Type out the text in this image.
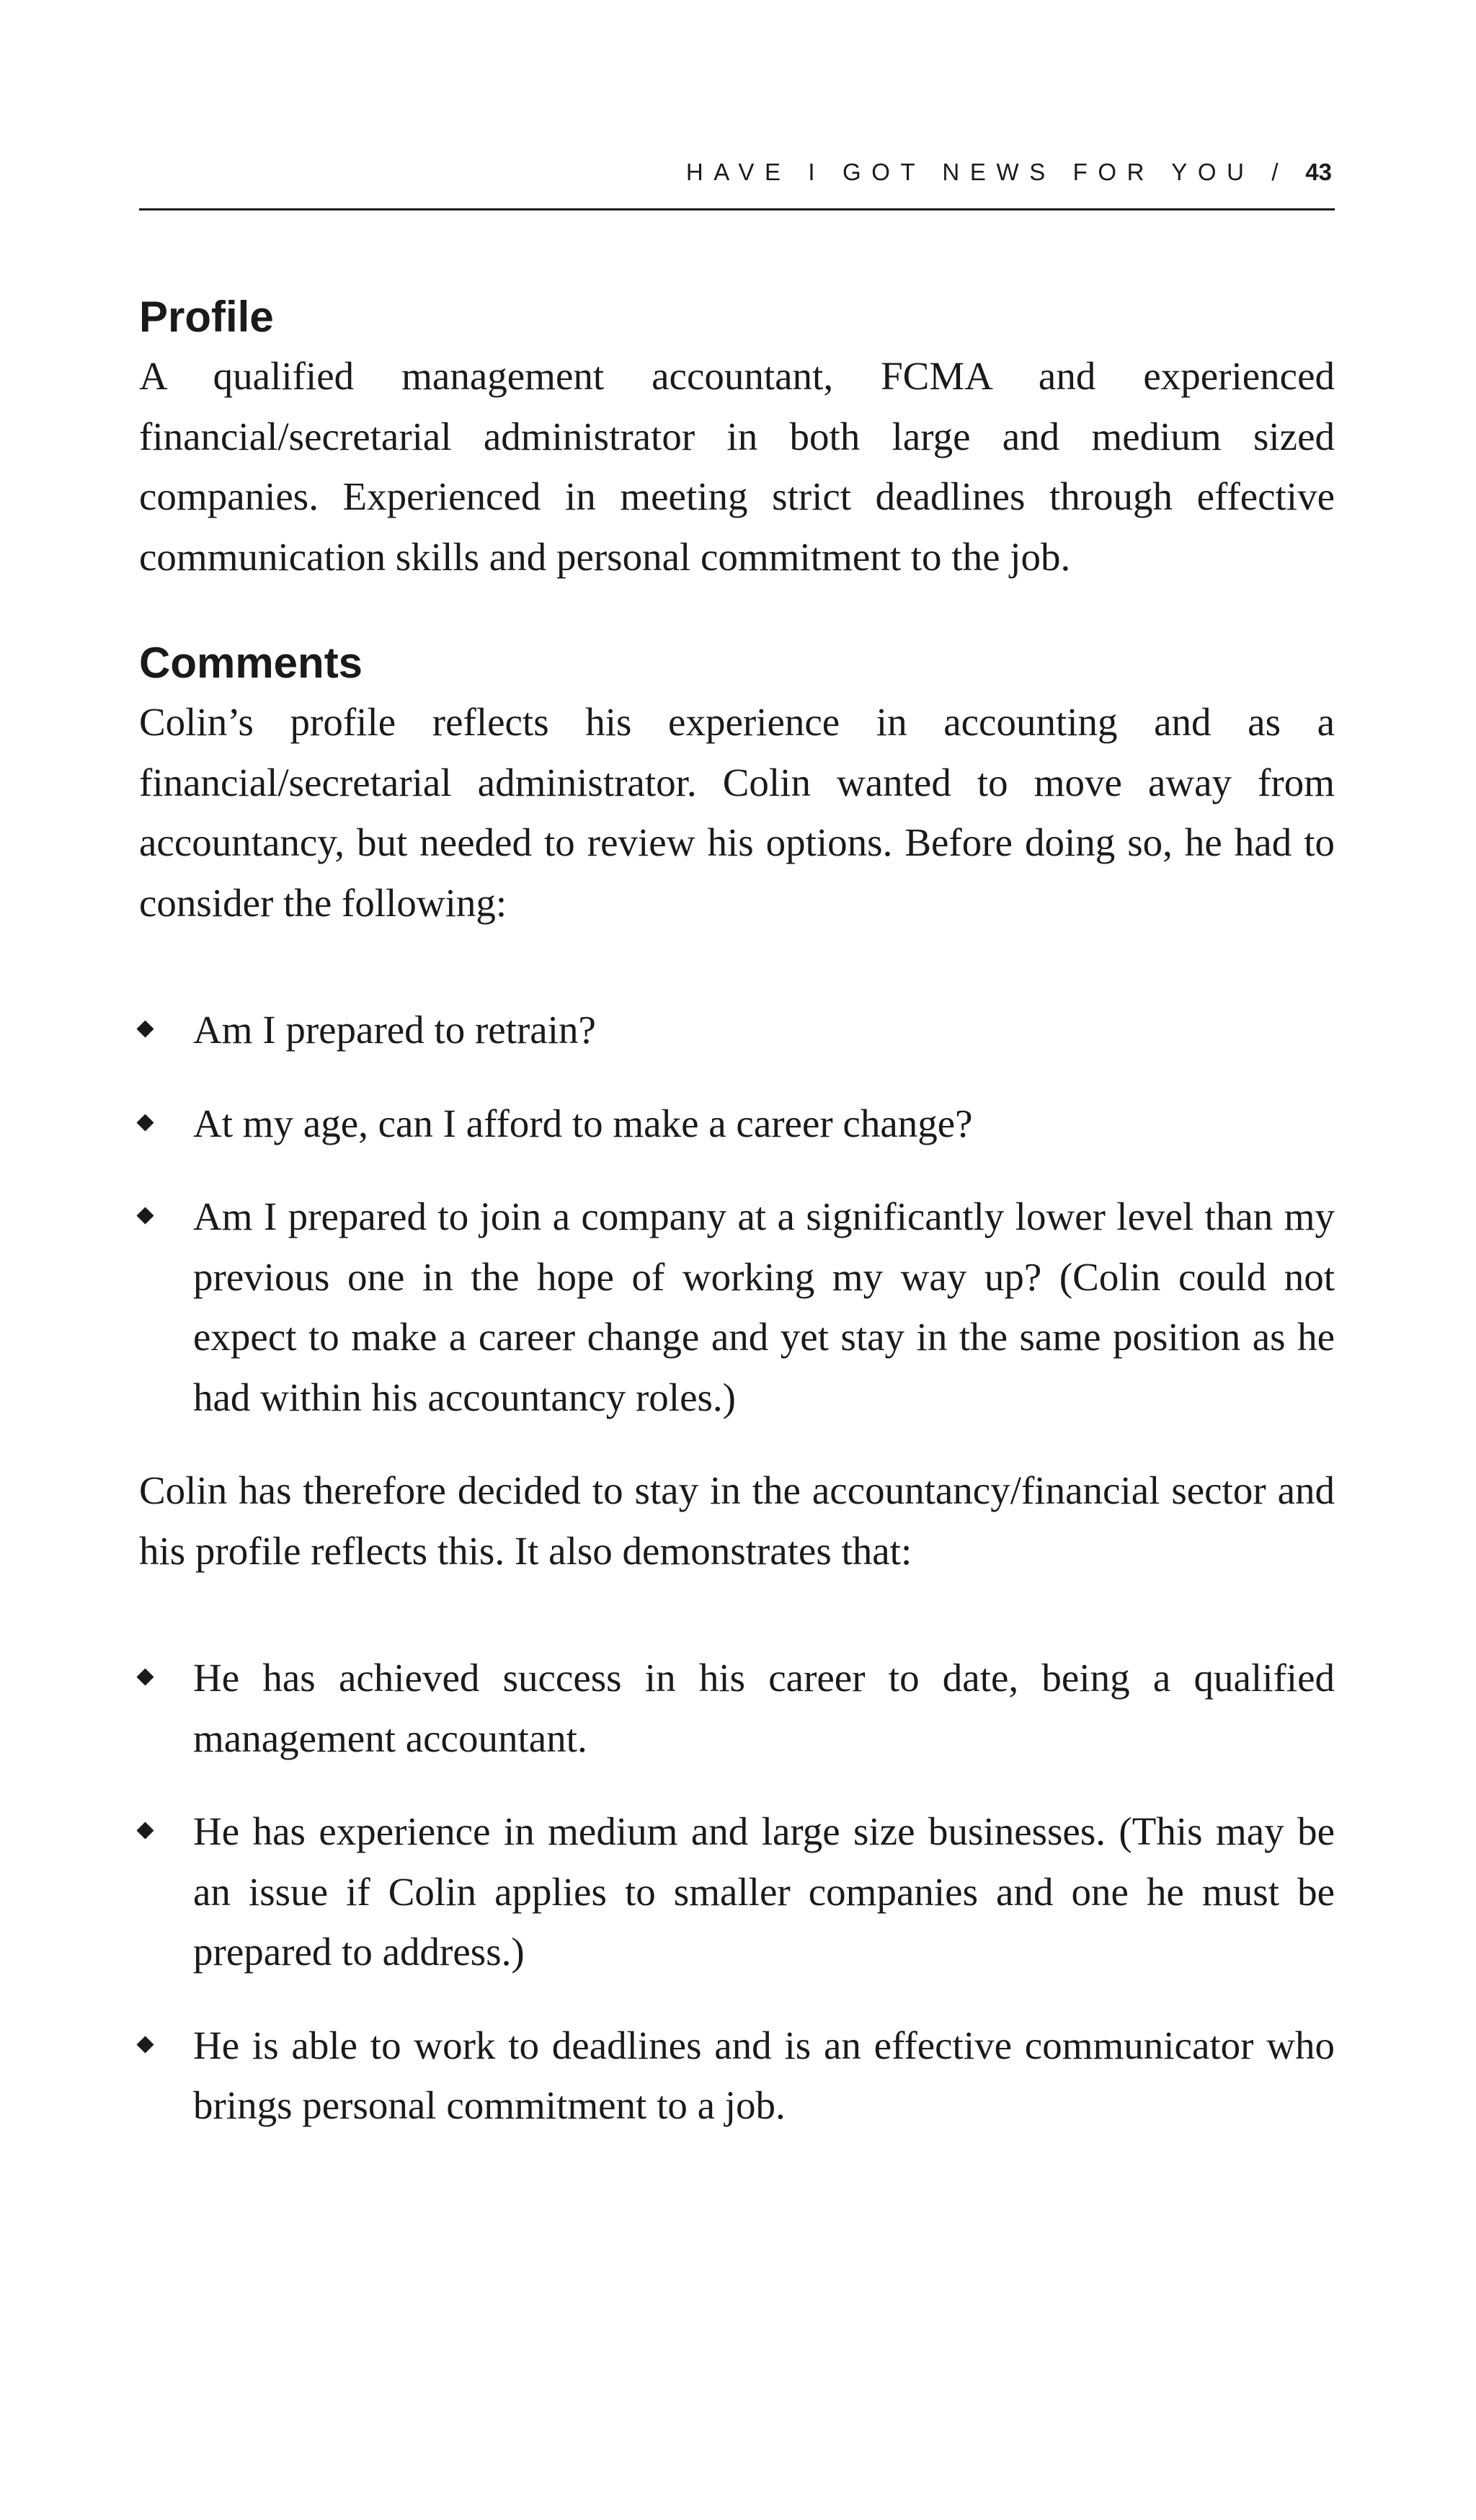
HAVE I GOT NEWS FOR YOU / 43
Profile

A qualified management accountant, FCMA and experienced financial/secretarial administrator in both large and medium sized companies. Experienced in meeting strict deadlines through effective communication skills and personal commitment to the job.

Comments

Colin’s profile reflects his experience in accounting and as a financial/secretarial administrator. Colin wanted to move away from accountancy, but needed to review his options. Before doing so, he had to consider the following:

Am I prepared to retrain?
At my age, can I afford to make a career change?
Am I prepared to join a company at a significantly lower level than my previous one in the hope of working my way up? (Colin could not expect to make a career change and yet stay in the same position as he had within his accountancy roles.)

Colin has therefore decided to stay in the accountancy/financial sector and his profile reflects this. It also demonstrates that:

He has achieved success in his career to date, being a qualified management accountant.
He has experience in medium and large size businesses. (This may be an issue if Colin applies to smaller companies and one he must be prepared to address.)
He is able to work to deadlines and is an effective communicator who brings personal commitment to a job.
